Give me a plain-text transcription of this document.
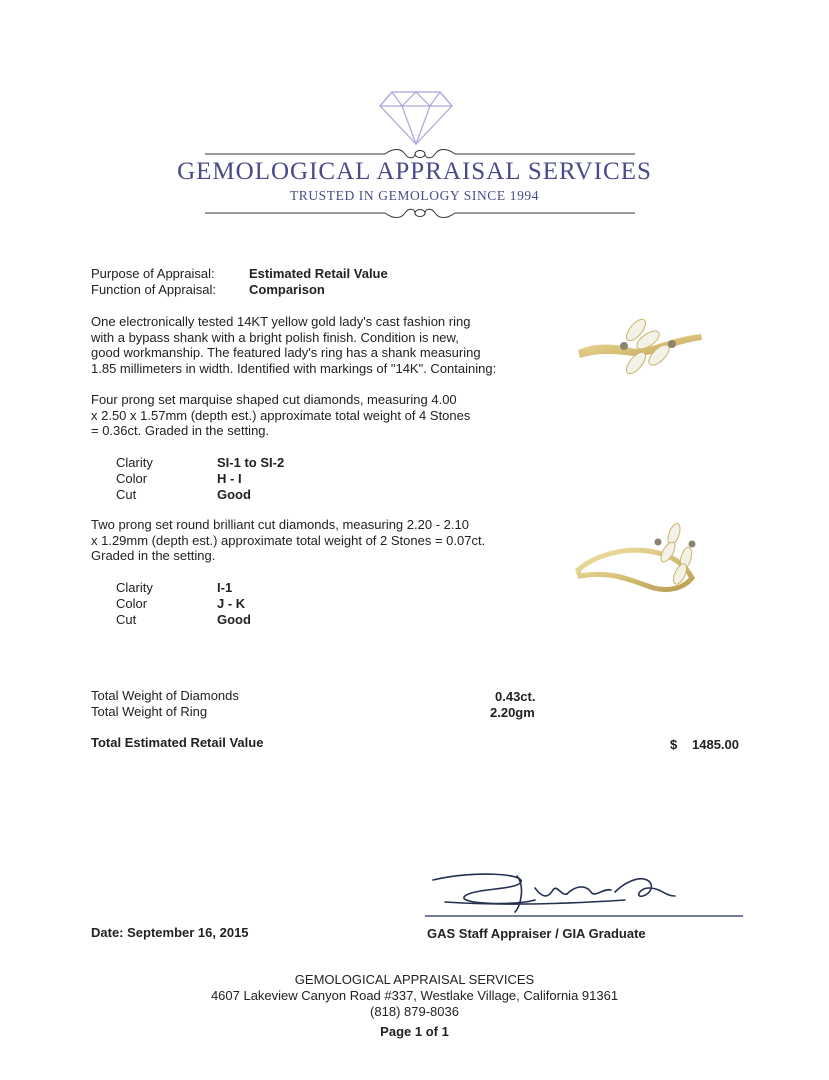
GEMOLOGICAL APPRAISAL SERVICES
TRUSTED IN GEMOLOGY SINCE 1994
Purpose of Appraisal:	Estimated Retail Value
Function of Appraisal:	Comparison
One electronically tested 14KT yellow gold lady's cast fashion ring
with a bypass shank with a bright polish finish. Condition is new,
good workmanship. The featured lady's ring has a shank measuring
1.85 millimeters in width. Identified with markings of "14K". Containing:
Four prong set marquise shaped cut diamonds, measuring 4.00
x 2.50 x 1.57mm (depth est.) approximate total weight of 4 Stones
= 0.36ct. Graded in the setting.
Clarity	SI-1 to SI-2
Color	H - I
Cut	Good
Two prong set round brilliant cut diamonds, measuring 2.20 - 2.10
x 1.29mm (depth est.) approximate total weight of 2 Stones = 0.07ct.
Graded in the setting.
Clarity	I-1
Color	J - K
Cut	Good
Total Weight of Diamonds	0.43ct.
Total Weight of Ring	2.20gm
Total Estimated Retail Value	$ 1485.00
Date: September 16, 2015	GAS Staff Appraiser / GIA Graduate
GEMOLOGICAL APPRAISAL SERVICES
4607 Lakeview Canyon Road #337, Westlake Village, California 91361
(818) 879-8036
Page 1 of 1
